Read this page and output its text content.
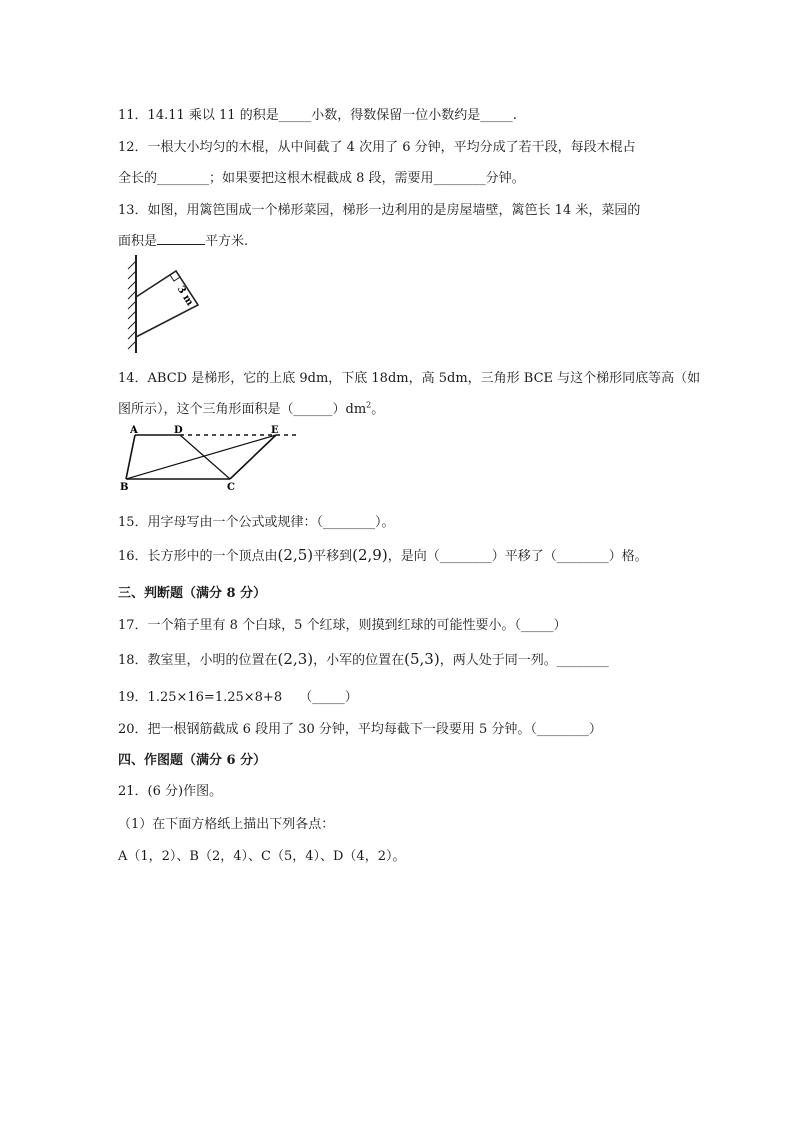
11．14.11 乘以 11 的积是_____小数，得数保留一位小数约是_____.
12．一根大小均匀的木棍，从中间截了 4 次用了 6 分钟，平均分成了若干段，每段木棍占
全长的________；如果要把这根木棍截成 8 段，需要用________分钟。
13．如图，用篱笆围成一个梯形菜园，梯形一边利用的是房屋墙壁，篱笆长 14 米，菜园的
面积是	平方米.
3 m
14．ABCD 是梯形，它的上底 9dm，下底 18dm，高 5dm，三角形 BCE 与这个梯形同底等高（如
图所示），这个三角形面积是$(\_\_\_\_\_\_)dm^2$。
A	D	E
B	C
15．用字母写由一个公式或规律：（________）。
16．长方形中的一个顶点由(2,5)平移到(2,9)，是向（________）平移了（________）格。
三、判断题（满分 8 分）
17．一个箱子里有 8 个白球，5 个红球，则摸到红球的可能性要小。（_____）
18．教室里，小明的位置在(2,3)，小军的位置在(5,3)，两人处于同一列。________
19．1.25×16=1.25×8+8　 （_____）
20．把一根钢筋截成 6 段用了 30 分钟，平均每截下一段要用 5 分钟。（________）
四、作图题（满分 6 分）
21．(6 分)作图。
（1）在下面方格纸上描出下列各点：
A（1，2）、B（2，4）、C（5，4）、D（4，2）。
